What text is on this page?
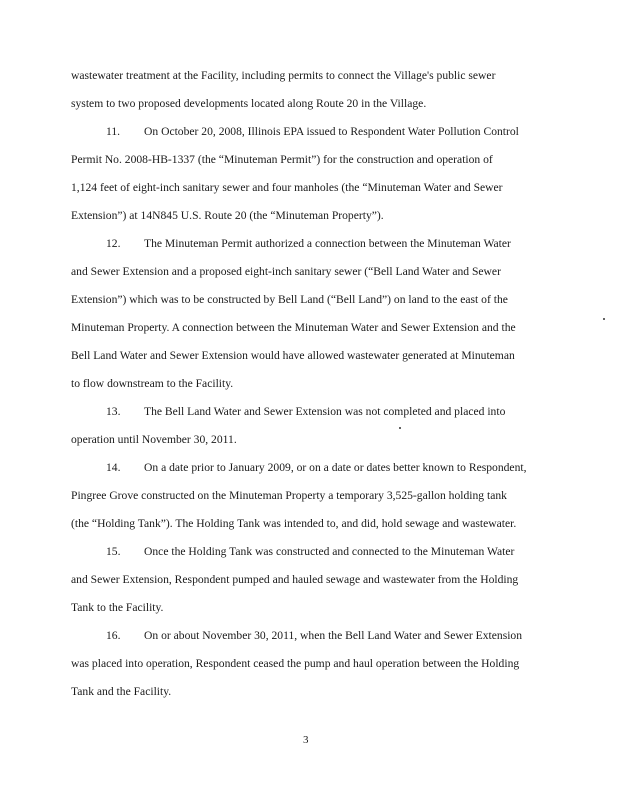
wastewater treatment at the Facility, including permits to connect the Village's public sewer
system to two proposed developments located along Route 20 in the Village.
11. On October 20, 2008, Illinois EPA issued to Respondent Water Pollution Control
Permit No. 2008-HB-1337 (the “Minuteman Permit”) for the construction and operation of
1,124 feet of eight-inch sanitary sewer and four manholes (the “Minuteman Water and Sewer
Extension”) at 14N845 U.S. Route 20 (the “Minuteman Property”).
12. The Minuteman Permit authorized a connection between the Minuteman Water
and Sewer Extension and a proposed eight-inch sanitary sewer (“Bell Land Water and Sewer
Extension”) which was to be constructed by Bell Land (“Bell Land”) on land to the east of the
Minuteman Property. A connection between the Minuteman Water and Sewer Extension and the
Bell Land Water and Sewer Extension would have allowed wastewater generated at Minuteman
to flow downstream to the Facility.
13. The Bell Land Water and Sewer Extension was not completed and placed into
operation until November 30, 2011.
14. On a date prior to January 2009, or on a date or dates better known to Respondent,
Pingree Grove constructed on the Minuteman Property a temporary 3,525-gallon holding tank
(the “Holding Tank”). The Holding Tank was intended to, and did, hold sewage and wastewater.
15. Once the Holding Tank was constructed and connected to the Minuteman Water
and Sewer Extension, Respondent pumped and hauled sewage and wastewater from the Holding
Tank to the Facility.
16. On or about November 30, 2011, when the Bell Land Water and Sewer Extension
was placed into operation, Respondent ceased the pump and haul operation between the Holding
Tank and the Facility.
3
